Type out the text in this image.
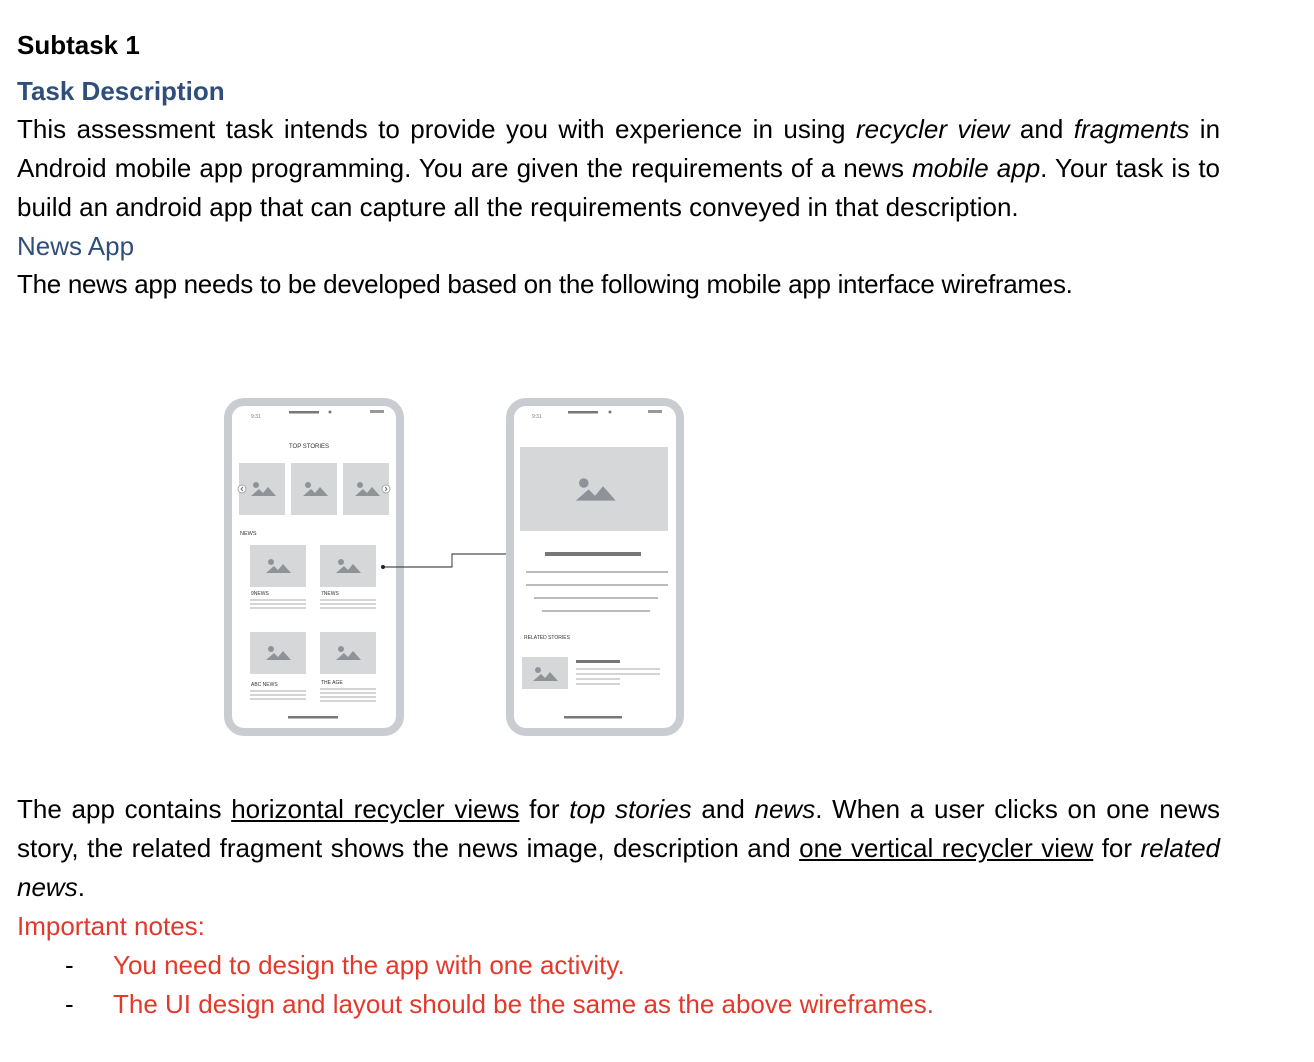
Subtask 1

Task Description

This assessment task intends to provide you with experience in using recycler view and fragments in Android mobile app programming. You are given the requirements of a news mobile app. Your task is to build an android app that can capture all the requirements conveyed in that description.

News App

The news app needs to be developed based on the following mobile app interface wireframes.

9:31
TOP STORIES
NEWS
9NEWS	7NEWS
ABC NEWS	THE AGE
9:31
RELATED STORIES

The app contains horizontal recycler views for top stories and news. When a user clicks on one news story, the related fragment shows the news image, description and one vertical recycler view for related news.

Important notes:

- You need to design the app with one activity.
- The UI design and layout should be the same as the above wireframes.
